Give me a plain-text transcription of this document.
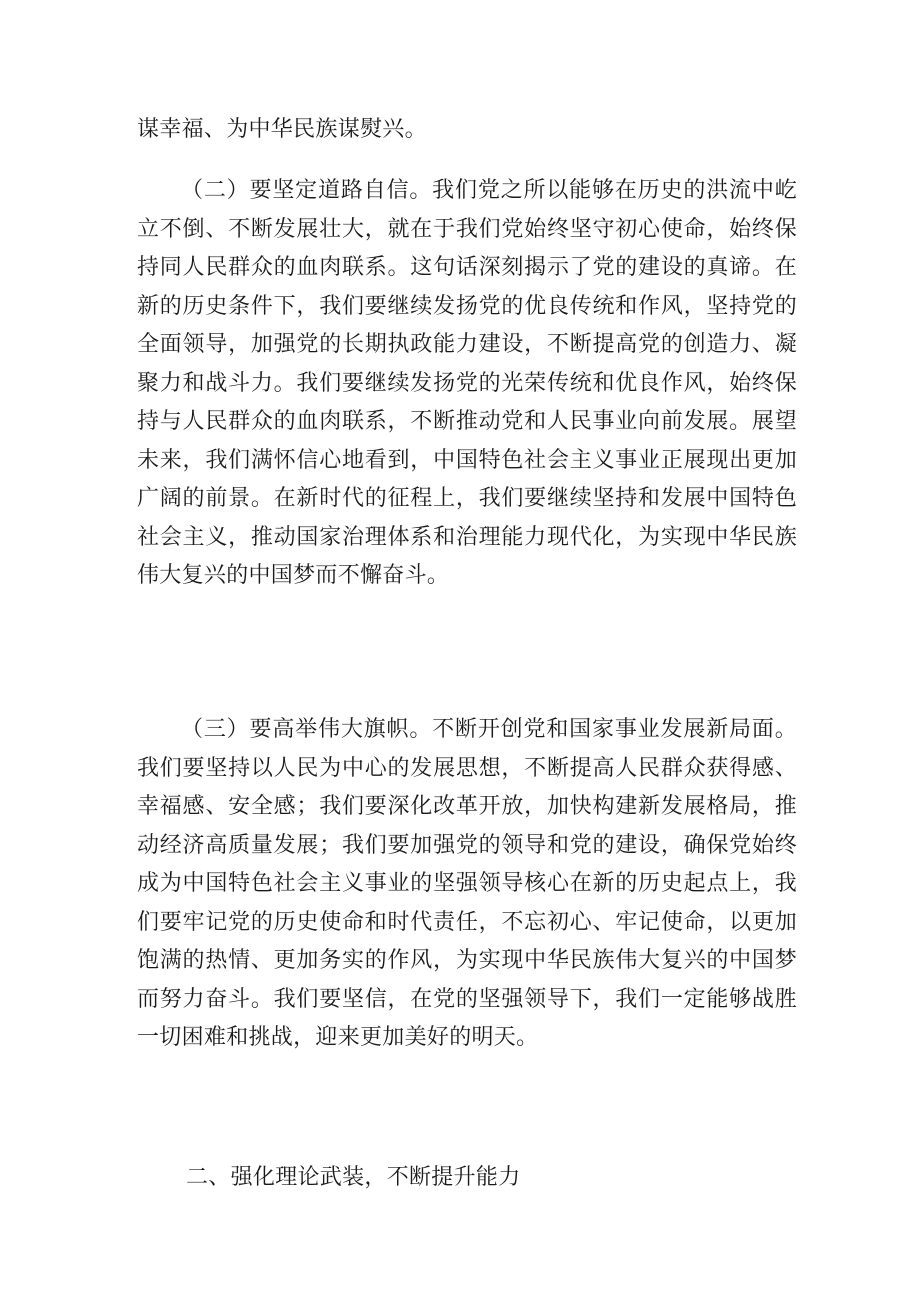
谋幸福、为中华民族谋熨兴。

（二）要坚定道路自信。我们党之所以能够在历史的洪流中屹立不倒、不断发展壮大，就在于我们党始终坚守初心使命，始终保持同人民群众的血肉联系。这句话深刻揭示了党的建设的真谛。在新的历史条件下，我们要继续发扬党的优良传统和作风，坚持党的全面领导，加强党的长期执政能力建设，不断提高党的创造力、凝聚力和战斗力。我们要继续发扬党的光荣传统和优良作风，始终保持与人民群众的血肉联系，不断推动党和人民事业向前发展。展望未来，我们满怀信心地看到，中国特色社会主义事业正展现出更加广阔的前景。在新时代的征程上，我们要继续坚持和发展中国特色社会主义，推动国家治理体系和治理能力现代化，为实现中华民族伟大复兴的中国梦而不懈奋斗。

（三）要高举伟大旗帜。不断开创党和国家事业发展新局面。我们要坚持以人民为中心的发展思想，不断提高人民群众获得感、幸福感、安全感；我们要深化改革开放，加快构建新发展格局，推动经济高质量发展；我们要加强党的领导和党的建设，确保党始终成为中国特色社会主义事业的坚强领导核心在新的历史起点上，我们要牢记党的历史使命和时代责任，不忘初心、牢记使命，以更加饱满的热情、更加务实的作风，为实现中华民族伟大复兴的中国梦而努力奋斗。我们要坚信，在党的坚强领导下，我们一定能够战胜一切困难和挑战，迎来更加美好的明天。

二、强化理论武装，不断提升能力
